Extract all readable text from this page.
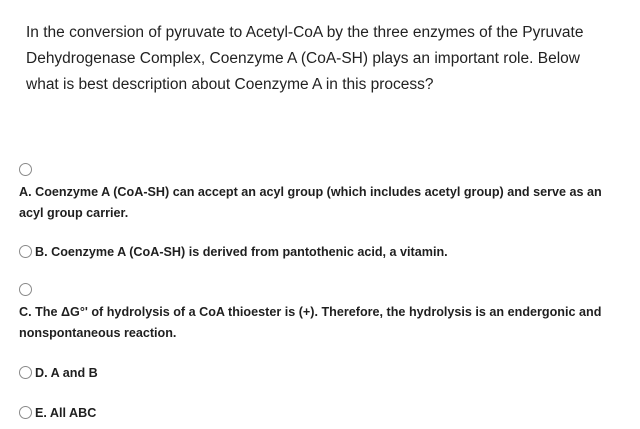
In the conversion of pyruvate to Acetyl-CoA by the three enzymes of the Pyruvate Dehydrogenase Complex, Coenzyme A (CoA-SH) plays an important role. Below what is best description about Coenzyme A in this process?

A. Coenzyme A (CoA-SH) can accept an acyl group (which includes acetyl group) and serve as an acyl group carrier.
B. Coenzyme A (CoA-SH) is derived from pantothenic acid, a vitamin.
C. The ΔG°' of hydrolysis of a CoA thioester is (+). Therefore, the hydrolysis is an endergonic and nonspontaneous reaction.
D. A and B
E. All ABC
